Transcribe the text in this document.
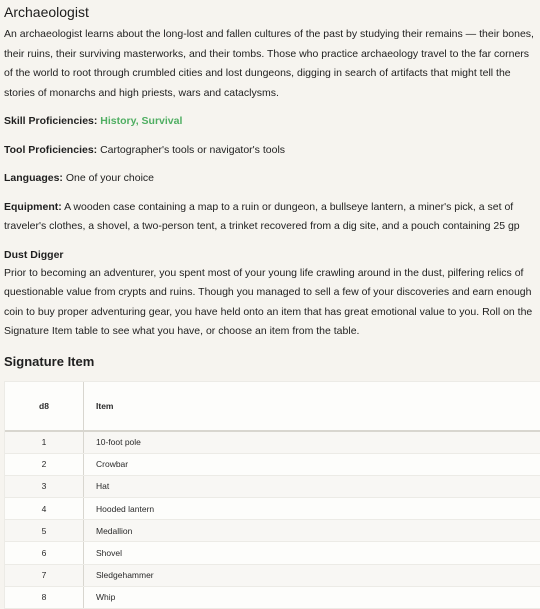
Archaeologist

An archaeologist learns about the long-lost and fallen cultures of the past by studying their remains — their bones, their ruins, their surviving masterworks, and their tombs. Those who practice archaeology travel to the far corners of the world to root through crumbled cities and lost dungeons, digging in search of artifacts that might tell the stories of monarchs and high priests, wars and cataclysms.

Skill Proficiencies: History, Survival

Tool Proficiencies: Cartographer's tools or navigator's tools

Languages: One of your choice

Equipment: A wooden case containing a map to a ruin or dungeon, a bullseye lantern, a miner's pick, a set of traveler's clothes, a shovel, a two-person tent, a trinket recovered from a dig site, and a pouch containing 25 gp

Dust Digger

Prior to becoming an adventurer, you spent most of your young life crawling around in the dust, pilfering relics of questionable value from crypts and ruins. Though you managed to sell a few of your discoveries and earn enough coin to buy proper adventuring gear, you have held onto an item that has great emotional value to you. Roll on the Signature Item table to see what you have, or choose an item from the table.

Signature Item
d8	Item
1	10-foot pole
2	Crowbar
3	Hat
4	Hooded lantern
5	Medallion
6	Shovel
7	Sledgehammer
8	Whip
